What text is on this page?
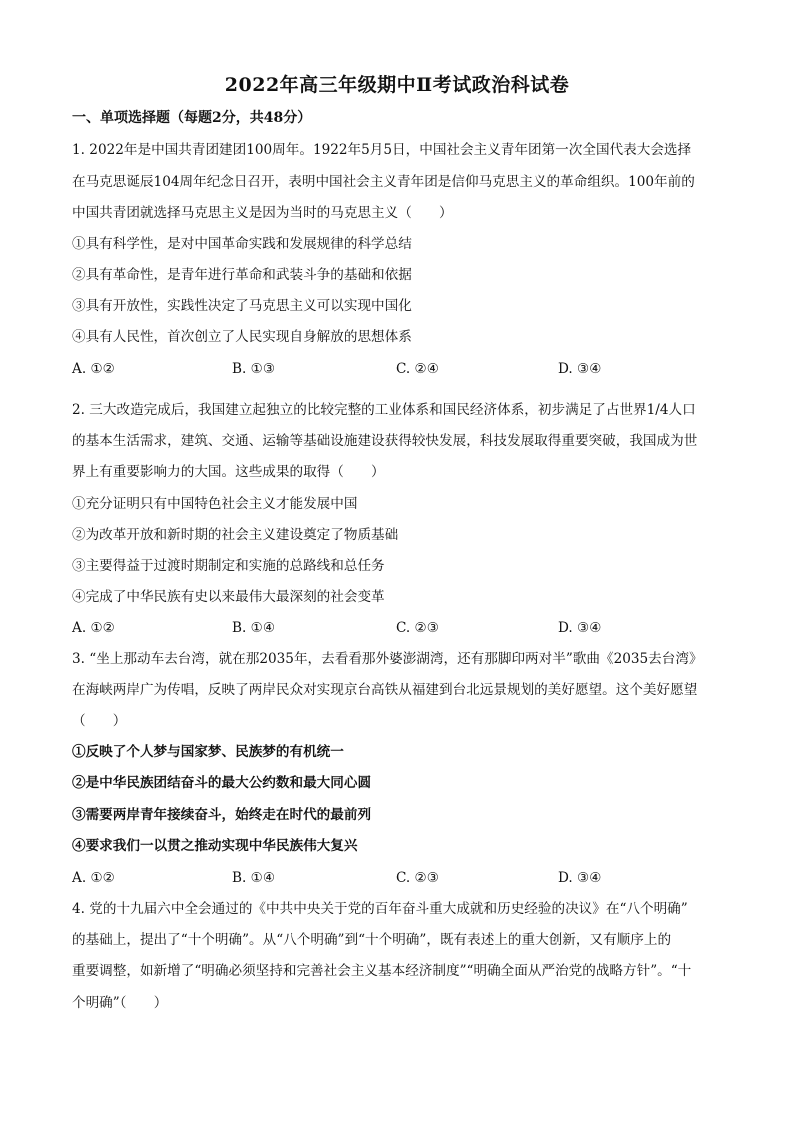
2022年高三年级期中Ⅱ考试政治科试卷
一、单项选择题（每题2分，共48分）
1. 2022年是中国共青团建团100周年。1922年5月5日，中国社会主义青年团第一次全国代表大会选择
在马克思诞辰104周年纪念日召开，表明中国社会主义青年团是信仰马克思主义的革命组织。100年前的
中国共青团就选择马克思主义是因为当时的马克思主义（　　）
①具有科学性，是对中国革命实践和发展规律的科学总结
②具有革命性，是青年进行革命和武装斗争的基础和依据
③具有开放性，实践性决定了马克思主义可以实现中国化
④具有人民性，首次创立了人民实现自身解放的思想体系
A. ①②	B. ①③	C. ②④	D. ③④
2. 三大改造完成后，我国建立起独立的比较完整的工业体系和国民经济体系，初步满足了占世界1/4人口
的基本生活需求，建筑、交通、运输等基础设施建设获得较快发展，科技发展取得重要突破，我国成为世
界上有重要影响力的大国。这些成果的取得（　　）
①充分证明只有中国特色社会主义才能发展中国
②为改革开放和新时期的社会主义建设奠定了物质基础
③主要得益于过渡时期制定和实施的总路线和总任务
④完成了中华民族有史以来最伟大最深刻的社会变革
A. ①②	B. ①④	C. ②③	D. ③④
3. “坐上那动车去台湾，就在那2035年，去看看那外婆澎湖湾，还有那脚印两对半”歌曲《2035去台湾》
在海峡两岸广为传唱，反映了两岸民众对实现京台高铁从福建到台北远景规划的美好愿望。这个美好愿望
（　　）
①反映了个人梦与国家梦、民族梦的有机统一
②是中华民族团结奋斗的最大公约数和最大同心圆
③需要两岸青年接续奋斗，始终走在时代的最前列
④要求我们一以贯之推动实现中华民族伟大复兴
A. ①②	B. ①④	C. ②③	D. ③④
4. 党的十九届六中全会通过的《中共中央关于党的百年奋斗重大成就和历史经验的决议》在“八个明确”
的基础上，提出了“十个明确”。从“八个明确”到“十个明确”，既有表述上的重大创新，又有顺序上的
重要调整，如新增了“明确必须坚持和完善社会主义基本经济制度”“明确全面从严治党的战略方针”。“十
个明确”（　　）
